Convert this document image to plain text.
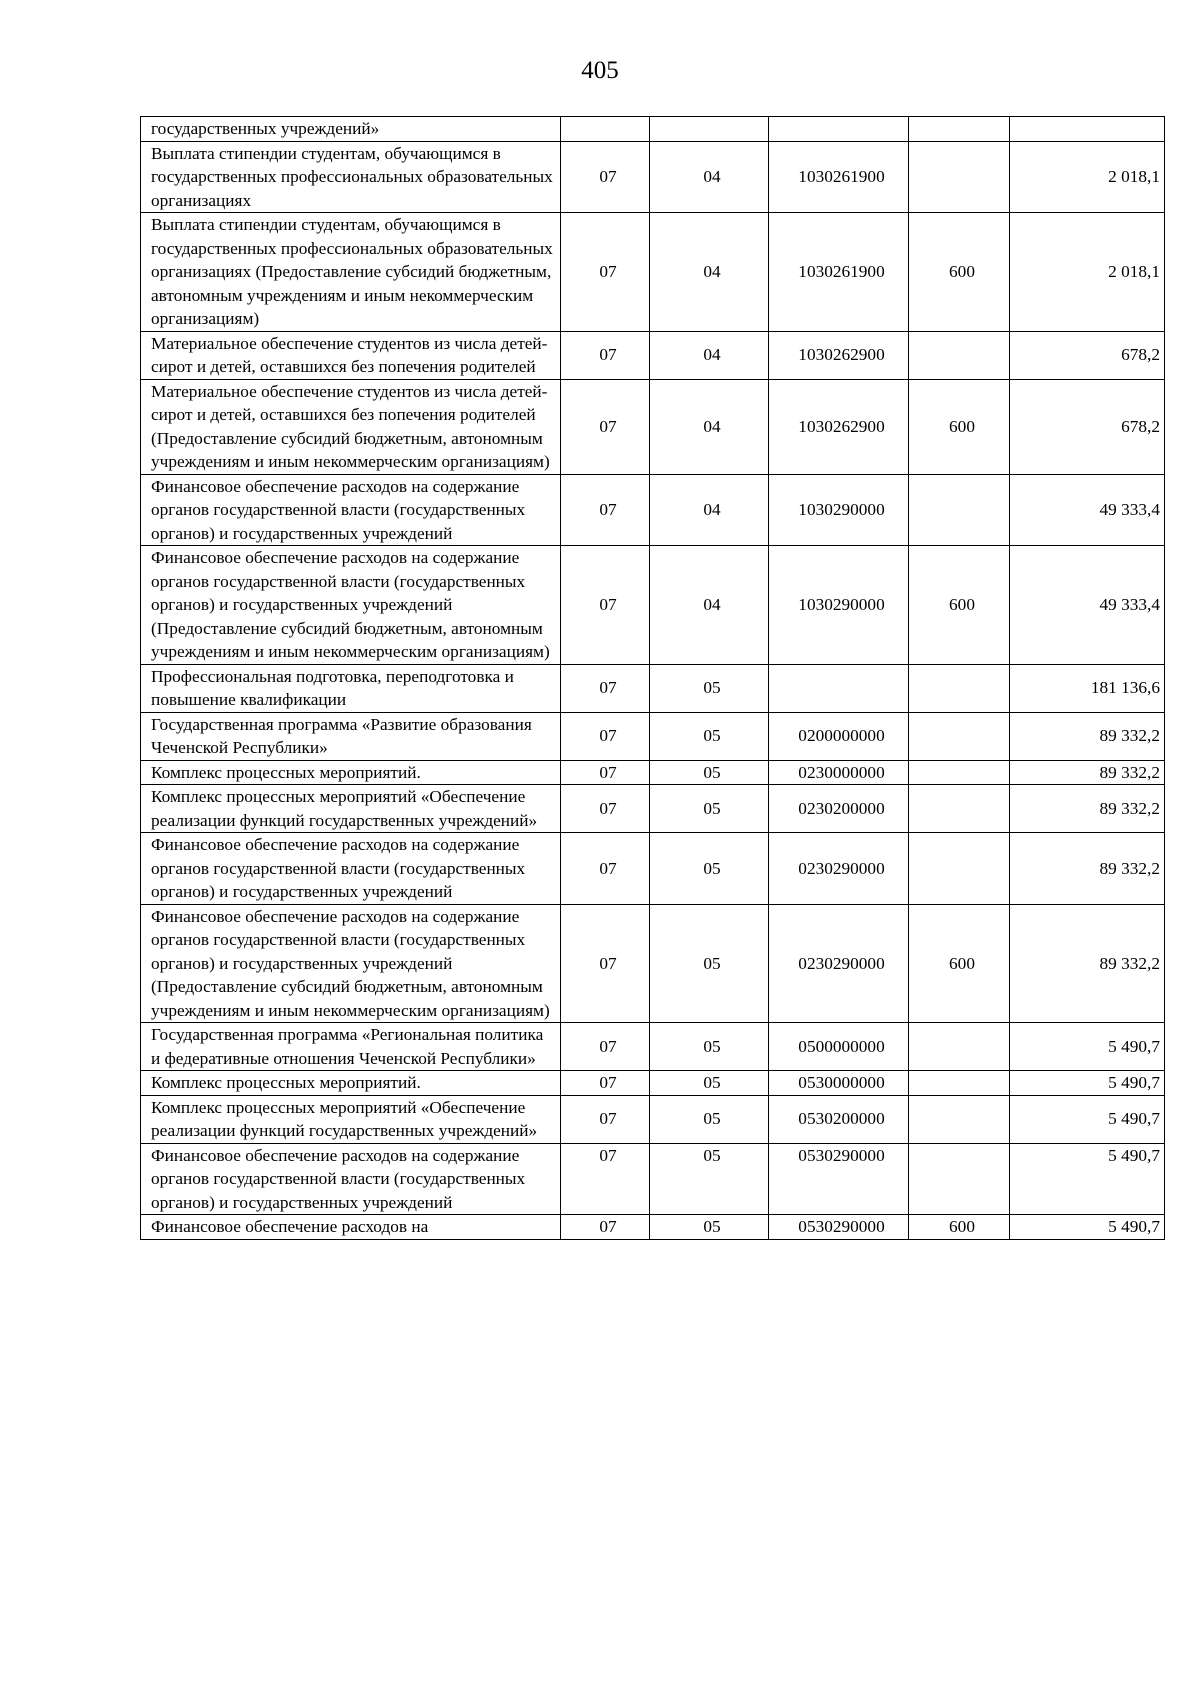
405
государственных учреждений»					
Выплата стипендии студентам, обучающимся в государственных профессиональных образовательных организациях	07	04	1030261900		2 018,1
Выплата стипендии студентам, обучающимся в государственных профессиональных образовательных организациях (Предоставление субсидий бюджетным, автономным учреждениям и иным некоммерческим организациям)	07	04	1030261900	600	2 018,1
Материальное обеспечение студентов из числа детей-сирот и детей, оставшихся без попечения родителей	07	04	1030262900		678,2
Материальное обеспечение студентов из числа детей-сирот и детей, оставшихся без попечения родителей (Предоставление субсидий бюджетным, автономным учреждениям и иным некоммерческим организациям)	07	04	1030262900	600	678,2
Финансовое обеспечение расходов на содержание органов государственной власти (государственных органов) и государственных учреждений	07	04	1030290000		49 333,4
Финансовое обеспечение расходов на содержание органов государственной власти (государственных органов) и государственных учреждений (Предоставление субсидий бюджетным, автономным учреждениям и иным некоммерческим организациям)	07	04	1030290000	600	49 333,4
Профессиональная подготовка, переподготовка и повышение квалификации	07	05			181 136,6
Государственная программа «Развитие образования Чеченской Республики»	07	05	0200000000		89 332,2
Комплекс процессных мероприятий.	07	05	0230000000		89 332,2
Комплекс процессных мероприятий «Обеспечение реализации функций государственных учреждений»	07	05	0230200000		89 332,2
Финансовое обеспечение расходов на содержание органов государственной власти (государственных органов) и государственных учреждений	07	05	0230290000		89 332,2
Финансовое обеспечение расходов на содержание органов государственной власти (государственных органов) и государственных учреждений (Предоставление субсидий бюджетным, автономным учреждениям и иным некоммерческим организациям)	07	05	0230290000	600	89 332,2
Государственная программа «Региональная политика и федеративные отношения Чеченской Республики»	07	05	0500000000		5 490,7
Комплекс процессных мероприятий.	07	05	0530000000		5 490,7
Комплекс процессных мероприятий «Обеспечение реализации функций государственных учреждений»	07	05	0530200000		5 490,7
Финансовое обеспечение расходов на содержание органов государственной власти (государственных органов) и государственных учреждений	07	05	0530290000		5 490,7
Финансовое обеспечение расходов на	07	05	0530290000	600	5 490,7
